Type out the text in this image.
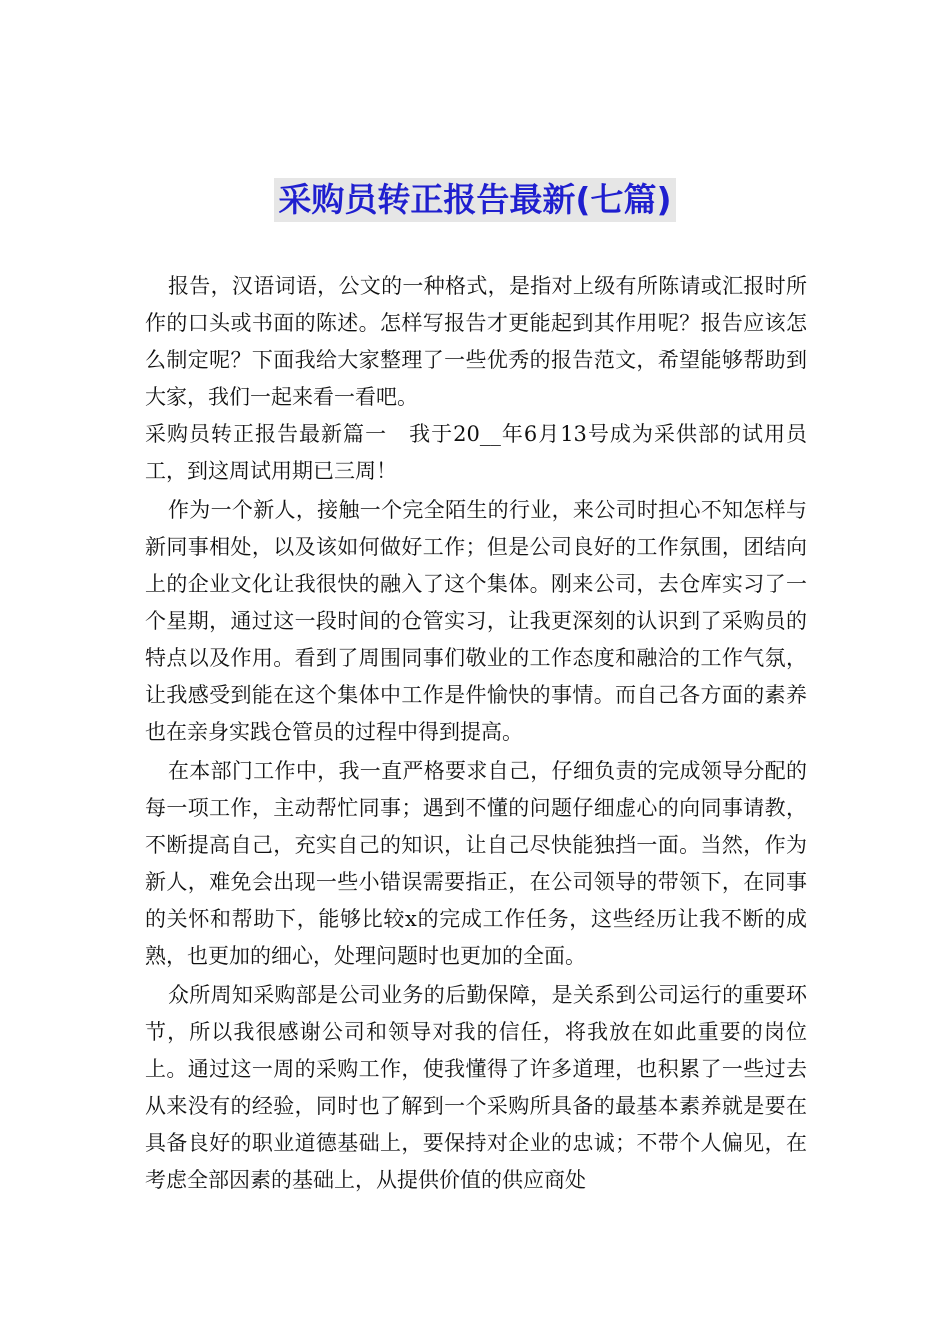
采购员转正报告最新(七篇)

报告，汉语词语，公文的一种格式，是指对上级有所陈请或汇报时所作的口头或书面的陈述。怎样写报告才更能起到其作用呢？报告应该怎么制定呢？下面我给大家整理了一些优秀的报告范文，希望能够帮助到大家，我们一起来看一看吧。

采购员转正报告最新篇一　我于20__年6月13号成为采供部的试用员工，到这周试用期已三周！

作为一个新人，接触一个完全陌生的行业，来公司时担心不知怎样与新同事相处，以及该如何做好工作；但是公司良好的工作氛围，团结向上的企业文化让我很快的融入了这个集体。刚来公司，去仓库实习了一个星期，通过这一段时间的仓管实习，让我更深刻的认识到了采购员的特点以及作用。看到了周围同事们敬业的工作态度和融洽的工作气氛，让我感受到能在这个集体中工作是件愉快的事情。而自己各方面的素养也在亲身实践仓管员的过程中得到提高。

在本部门工作中，我一直严格要求自己，仔细负责的完成领导分配的每一项工作，主动帮忙同事；遇到不懂的问题仔细虚心的向同事请教，不断提高自己，充实自己的知识，让自己尽快能独挡一面。当然，作为新人，难免会出现一些小错误需要指正，在公司领导的带领下，在同事的关怀和帮助下，能够比较x的完成工作任务，这些经历让我不断的成熟，也更加的细心，处理问题时也更加的全面。

众所周知采购部是公司业务的后勤保障，是关系到公司运行的重要环节，所以我很感谢公司和领导对我的信任，将我放在如此重要的岗位上。通过这一周的采购工作，使我懂得了许多道理，也积累了一些过去从来没有的经验，同时也了解到一个采购所具备的最基本素养就是要在具备良好的职业道德基础上，要保持对企业的忠诚；不带个人偏见，在考虑全部因素的基础上，从提供价值的供应商处
